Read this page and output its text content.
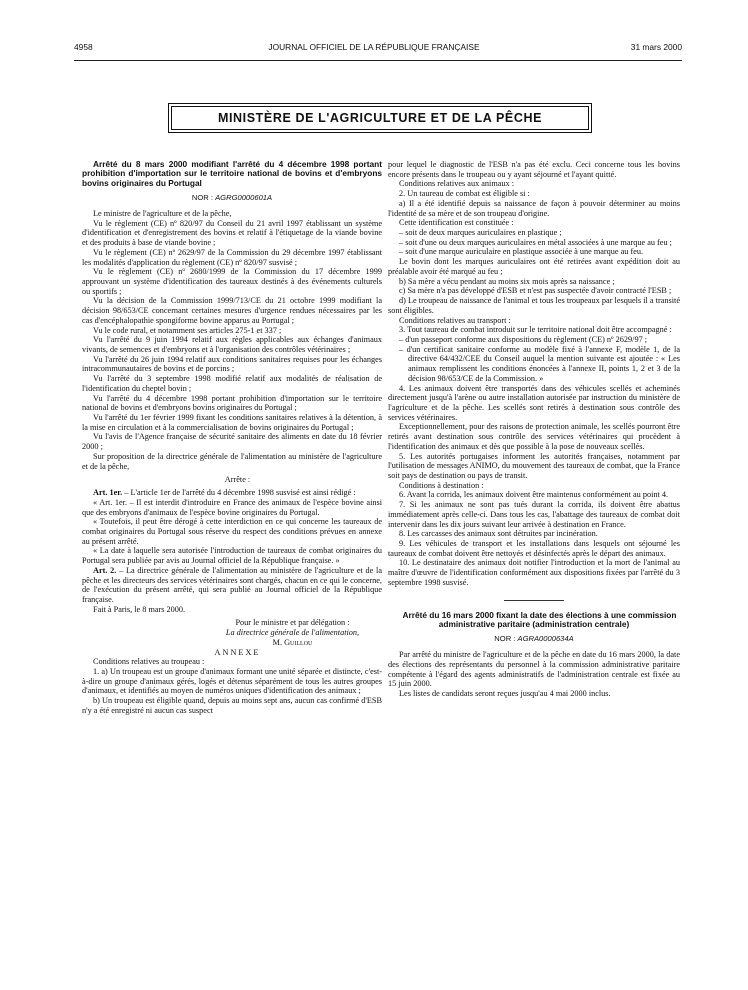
4958	JOURNAL OFFICIEL DE LA RÉPUBLIQUE FRANÇAISE	31 mars 2000
MINISTÈRE DE L'AGRICULTURE ET DE LA PÊCHE

Arrêté du 8 mars 2000 modifiant l'arrêté du 4 décembre 1998 portant prohibition d'importation sur le territoire national de bovins et d'embryons bovins originaires du Portugal

NOR : AGRG0000601A

Le ministre de l'agriculture et de la pêche,

Vu le règlement (CE) nº 820/97 du Conseil du 21 avril 1997 établissant un système d'identification et d'enregistrement des bovins et relatif à l'étiquetage de la viande bovine et des produits à base de viande bovine ;

Vu le règlement (CE) nº 2629/97 de la Commission du 29 décembre 1997 établissant les modalités d'application du règlement (CE) nº 820/97 susvisé ;

Vu le règlement (CE) nº 2680/1999 de la Commission du 17 décembre 1999 approuvant un système d'identification des taureaux destinés à des événements culturels ou sportifs ;

Vu la décision de la Commission 1999/713/CE du 21 octobre 1999 modifiant la décision 98/653/CE concernant certaines mesures d'urgence rendues nécessaires par les cas d'encéphalopathie spongiforme bovine apparus au Portugal ;

Vu le code rural, et notamment ses articles 275-1 et 337 ;

Vu l'arrêté du 9 juin 1994 relatif aux règles applicables aux échanges d'animaux vivants, de semences et d'embryons et à l'organisation des contrôles vétérinaires ;

Vu l'arrêté du 26 juin 1994 relatif aux conditions sanitaires requises pour les échanges intracommunautaires de bovins et de porcins ;

Vu l'arrêté du 3 septembre 1998 modifié relatif aux modalités de réalisation de l'identification du cheptel bovin ;

Vu l'arrêté du 4 décembre 1998 portant prohibition d'importation sur le territoire national de bovins et d'embryons bovins originaires du Portugal ;

Vu l'arrêté du 1er février 1999 fixant les conditions sanitaires relatives à la détention, à la mise en circulation et à la commercialisation de bovins originaires du Portugal ;

Vu l'avis de l'Agence française de sécurité sanitaire des aliments en date du 18 février 2000 ;

Sur proposition de la directrice générale de l'alimentation au ministère de l'agriculture et de la pêche,

Arrête :

Art. 1er. – L'article 1er de l'arrêté du 4 décembre 1998 susvisé est ainsi rédigé :

« Art. 1er. – Il est interdit d'introduire en France des animaux de l'espèce bovine ainsi que des embryons d'animaux de l'espèce bovine originaires du Portugal.

« Toutefois, il peut être dérogé à cette interdiction en ce qui concerne les taureaux de combat originaires du Portugal sous réserve du respect des conditions prévues en annexe au présent arrêté.

« La date à laquelle sera autorisée l'introduction de taureaux de combat originaires du Portugal sera publiée par avis au Journal officiel de la République française. »

Art. 2. – La directrice générale de l'alimentation au ministère de l'agriculture et de la pêche et les directeurs des services vétérinaires sont chargés, chacun en ce qui le concerne, de l'exécution du présent arrêté, qui sera publié au Journal officiel de la République française.

Fait à Paris, le 8 mars 2000.

Pour le ministre et par délégation :

La directrice générale de l'alimentation,

M. Guillou

ANNEXE

Conditions relatives au troupeau :

1. a) Un troupeau est un groupe d'animaux formant une unité séparée et distincte, c'est-à-dire un groupe d'animaux gérés, logés et détenus séparément de tous les autres groupes d'animaux, et identifiés au moyen de numéros uniques d'identification des animaux ;

b) Un troupeau est éligible quand, depuis au moins sept ans, aucun cas confirmé d'ESB n'y a été enregistré ni aucun cas suspect

pour lequel le diagnostic de l'ESB n'a pas été exclu. Ceci concerne tous les bovins encore présents dans le troupeau ou y ayant séjourné et l'ayant quitté.

Conditions relatives aux animaux :

2. Un taureau de combat est éligible si :

a) Il a été identifié depuis sa naissance de façon à pouvoir déterminer au moins l'identité de sa mère et de son troupeau d'origine.

Cette identification est constituée :

– soit de deux marques auriculaires en plastique ;

– soit d'une ou deux marques auriculaires en métal associées à une marque au feu ;

– soit d'une marque auriculaire en plastique associée à une marque au feu.

Le bovin dont les marques auriculaires ont été retirées avant expédition doit au préalable avoir été marqué au feu ;

b) Sa mère a vécu pendant au moins six mois après sa naissance ;

c) Sa mère n'a pas développé d'ESB et n'est pas suspectée d'avoir contracté l'ESB ;

d) Le troupeau de naissance de l'animal et tous les troupeaux par lesquels il a transité sont éligibles.

Conditions relatives au transport :

3. Tout taureau de combat introduit sur le territoire national doit être accompagné :

– d'un passeport conforme aux dispositions du règlement (CE) nº 2629/97 ;

– d'un certificat sanitaire conforme au modèle fixé à l'annexe F, modèle 1, de la directive 64/432/CEE du Conseil auquel la mention suivante est ajoutée : « Les animaux remplissent les conditions énoncées à l'annexe II, points 1, 2 et 3 de la décision 98/653/CE de la Commission. »

4. Les animaux doivent être transportés dans des véhicules scellés et acheminés directement jusqu'à l'arène ou autre installation autorisée par instruction du ministère de l'agriculture et de la pêche. Les scellés sont retirés à destination sous contrôle des services vétérinaires.

Exceptionnellement, pour des raisons de protection animale, les scellés pourront être retirés avant destination sous contrôle des services vétérinaires qui procèdent à l'identification des animaux et dès que possible à la pose de nouveaux scellés.

5. Les autorités portugaises informent les autorités françaises, notamment par l'utilisation de messages ANIMO, du mouvement des taureaux de combat, que la France soit pays de destination ou pays de transit.

Conditions à destination :

6. Avant la corrida, les animaux doivent être maintenus conformément au point 4.

7. Si les animaux ne sont pas tués durant la corrida, ils doivent être abattus immédiatement après celle-ci. Dans tous les cas, l'abattage des taureaux de combat doit intervenir dans les dix jours suivant leur arrivée à destination en France.

8. Les carcasses des animaux sont détruites par incinération.

9. Les véhicules de transport et les installations dans lesquels ont séjourné les taureaux de combat doivent être nettoyés et désinfectés après le départ des animaux.

10. Le destinataire des animaux doit notifier l'introduction et la mort de l'animal au maître d'œuvre de l'identification conformément aux dispositions fixées par l'arrêté du 3 septembre 1998 susvisé.

Arrêté du 16 mars 2000 fixant la date des élections à une commission administrative paritaire (administration centrale)

NOR : AGRA0000634A

Par arrêté du ministre de l'agriculture et de la pêche en date du 16 mars 2000, la date des élections des représentants du personnel à la commission administrative paritaire compétente à l'égard des agents administratifs de l'administration centrale est fixée au 15 juin 2000.

Les listes de candidats seront reçues jusqu'au 4 mai 2000 inclus.
